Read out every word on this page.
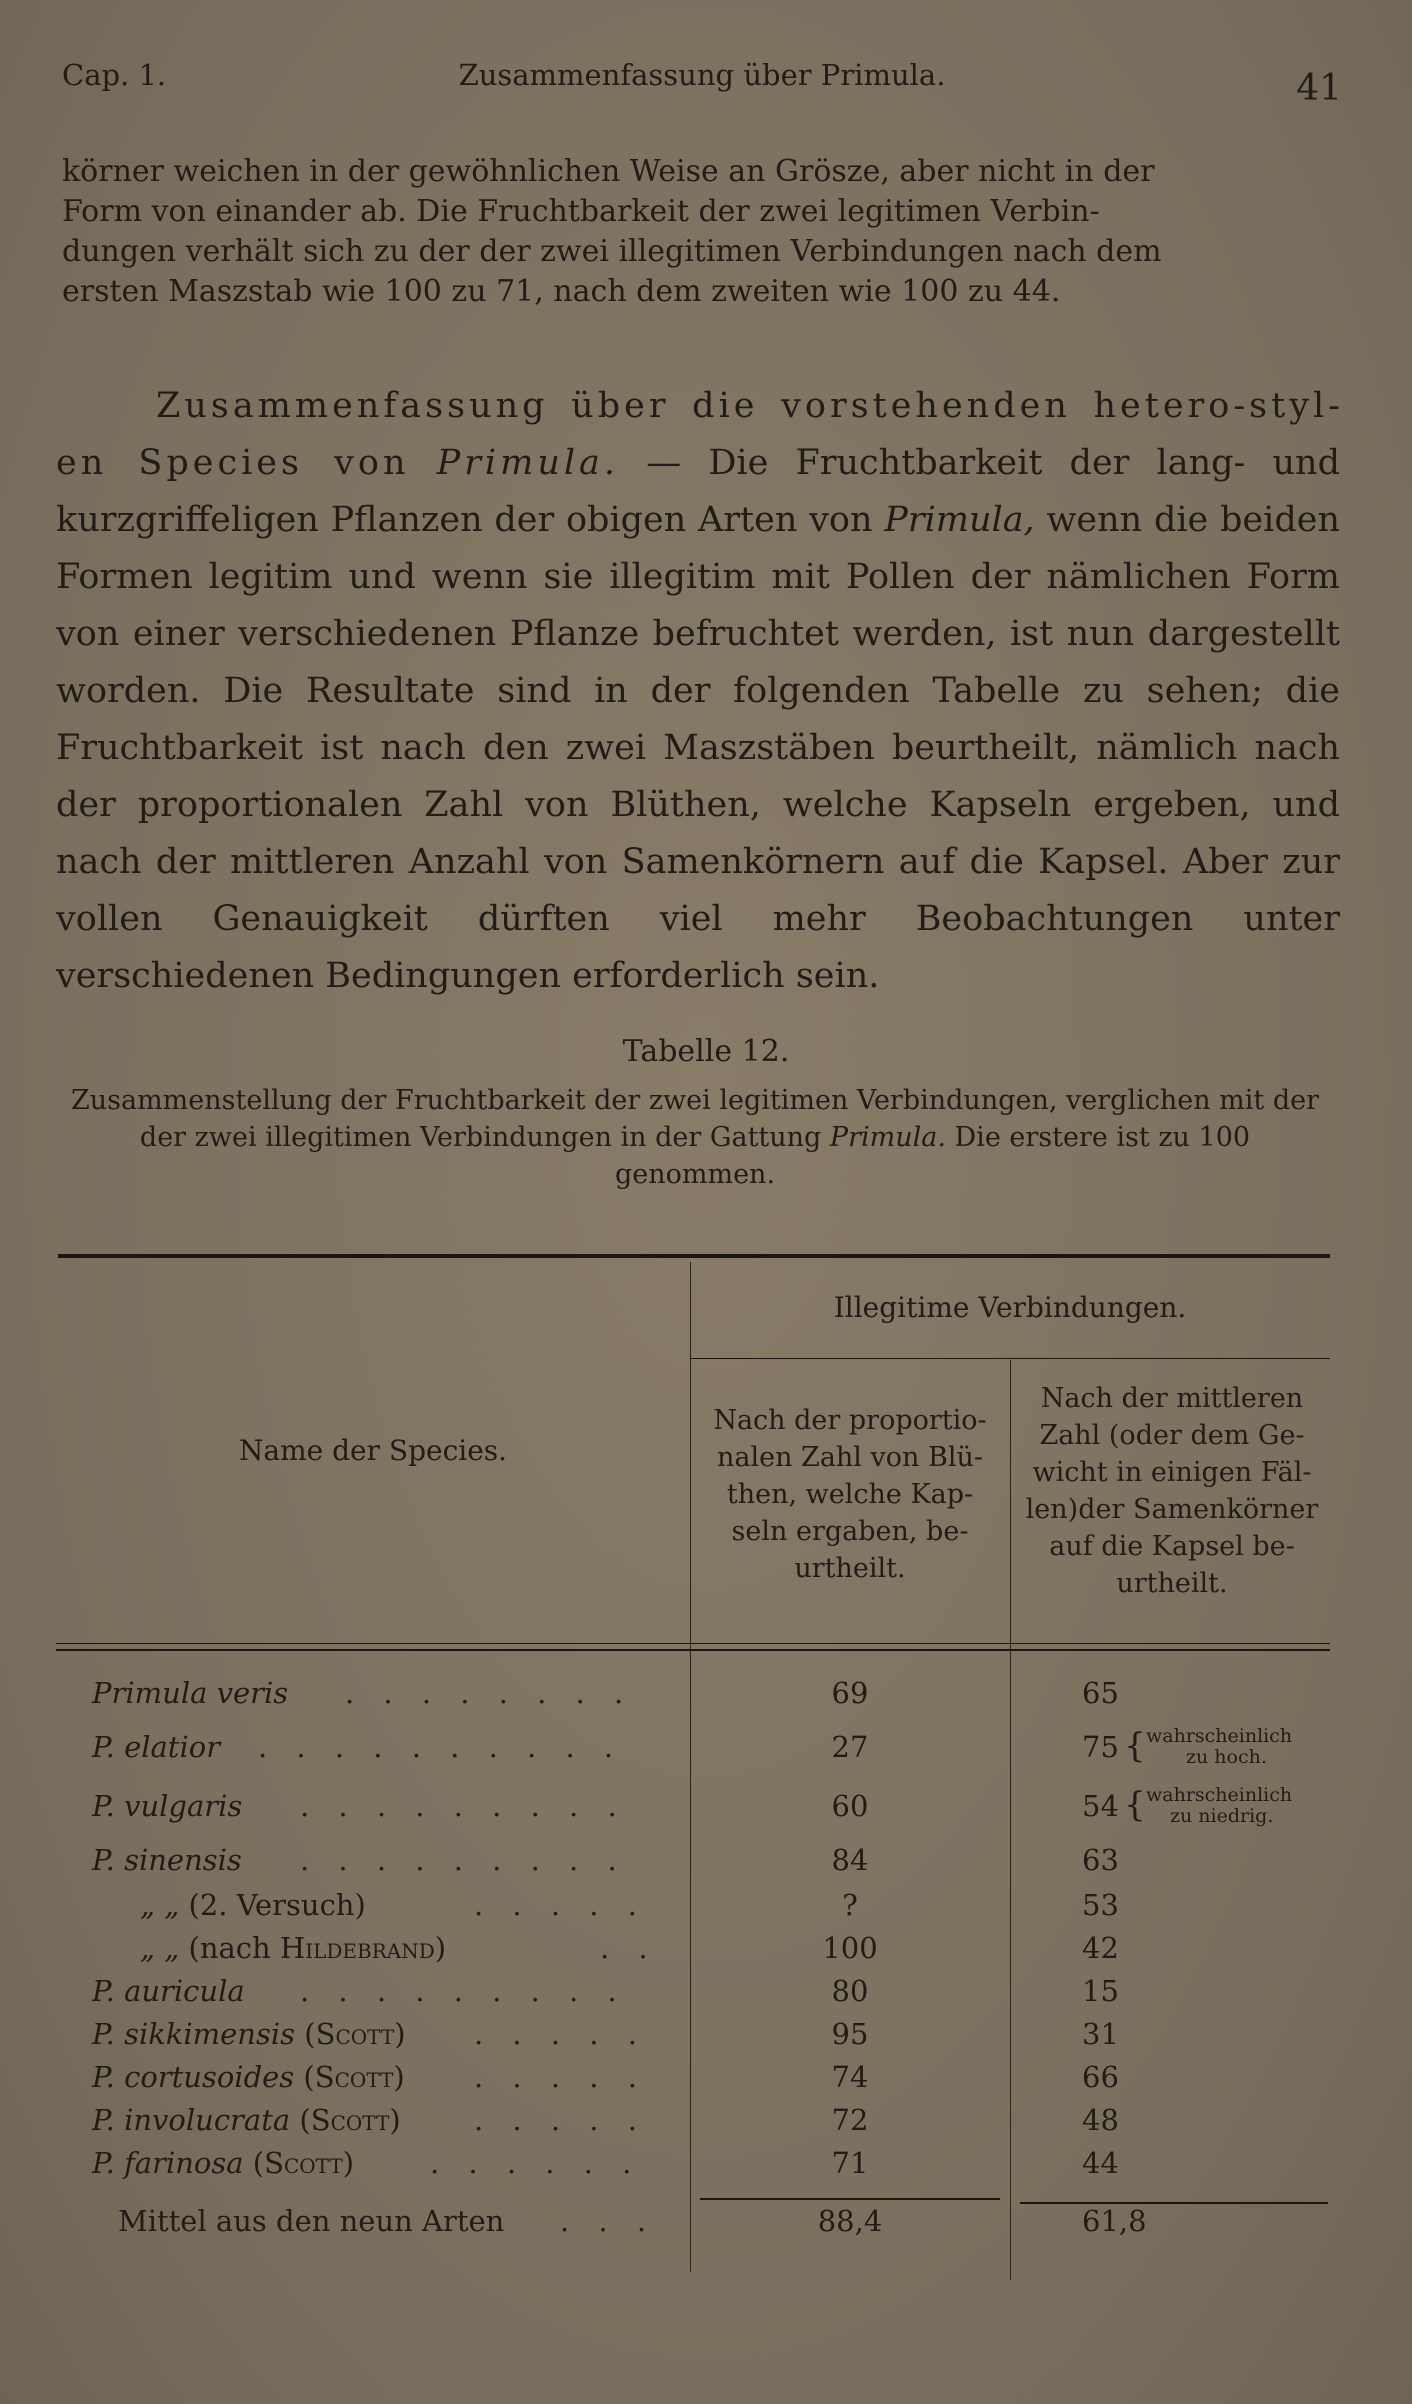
Cap. 1.	Zusammenfassung über Primula.	41
körner weichen in der gewöhnlichen Weise an Grösze, aber nicht in der
Form von einander ab. Die Fruchtbarkeit der zwei legitimen Verbin-
dungen verhält sich zu der der zwei illegitimen Verbindungen nach dem
ersten Maszstab wie 100 zu 71, nach dem zweiten wie 100 zu 44.
Zusammenfassung über die vorstehenden hetero-stylen Species von Primula. — Die Fruchtbarkeit der lang- und kurzgriffeligen Pflanzen der obigen Arten von Primula, wenn die beiden Formen legitim und wenn sie illegitim mit Pollen der nämlichen Form von einer verschiedenen Pflanze befruchtet werden, ist nun dargestellt worden. Die Resultate sind in der folgenden Tabelle zu sehen; die Fruchtbarkeit ist nach den zwei Maszstäben beurtheilt, nämlich nach der proportionalen Zahl von Blüthen, welche Kapseln ergeben, und nach der mittleren Anzahl von Samenkörnern auf die Kapsel. Aber zur vollen Genauigkeit dürften viel mehr Beobachtungen unter verschiedenen Bedingungen erforderlich sein.
Tabelle 12.
Zusammenstellung der Fruchtbarkeit der zwei legitimen Verbindungen, verglichen mit der der zwei illegitimen Verbindungen in der Gattung Primula. Die erstere ist zu 100 genommen.
Name der Species.
Illegitime Verbindungen.
Nach der proportio-
nalen Zahl von Blü-
then, welche Kap-
seln ergaben, be-
urtheilt.
Nach der mittleren
Zahl (oder dem Ge-
wicht in einigen Fäl-
len)der Samenkörner
auf die Kapsel be-
urtheilt.
Primula veris . . . . . . . .	69	65
P. elatior . . . . . . . . . .	27	75 { wahrscheinlich
zu hoch.
P. vulgaris . . . . . . . . .	60	54 { wahrscheinlich
zu niedrig.
P. sinensis . . . . . . . . .	84	63
„ „ (2. Versuch)	. . . . .	?	53
„ „ (nach Hildebrand)	. .	100	42
P. auricula . . . . . . . . .	80	15
P. sikkimensis (Scott) . . . . .	95	31
P. cortusoides (Scott) . . . . .	74	66
P. involucrata (Scott)	. . . . .	72	48
P. farinosa (Scott)	. . . . . .	71	44
Mittel aus den neun Arten . . .	88,4	61,8
